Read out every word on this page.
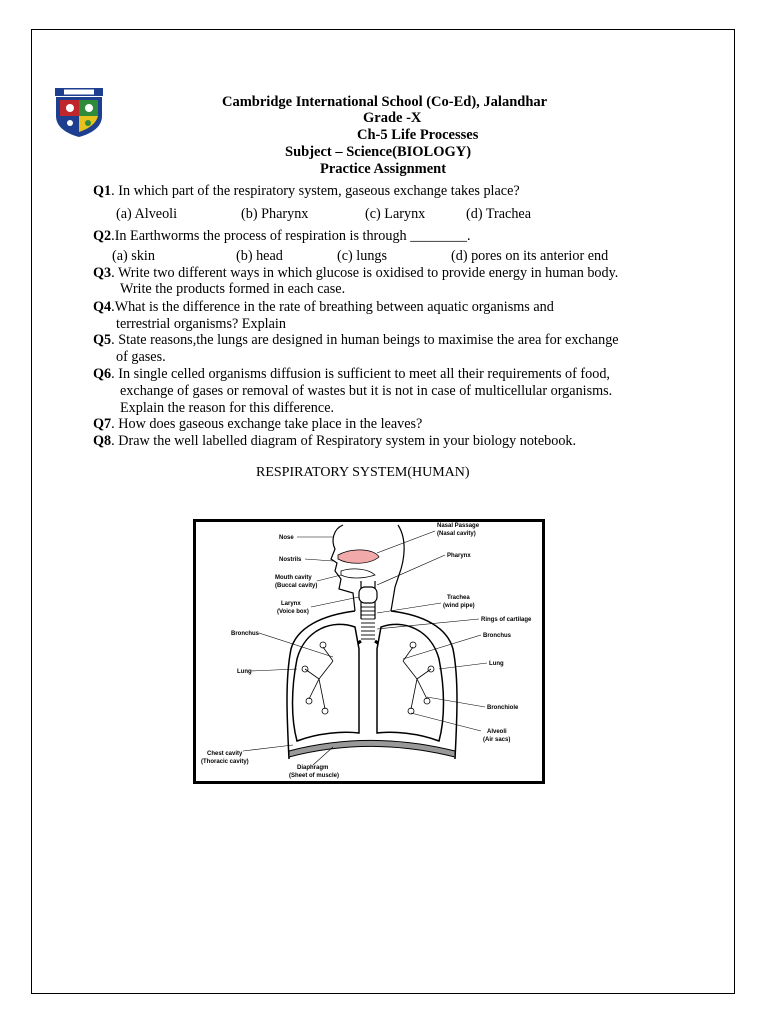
Cambridge International School (Co-Ed), Jalandhar
Grade -X
Ch-5 Life Processes
Subject – Science(BIOLOGY)
Practice Assignment
Q1. In which part of the respiratory system, gaseous exchange takes place?
(a) Alveoli	(b) Pharynx	(c) Larynx	(d) Trachea
Q2.In Earthworms the process of respiration is through ________.
(a) skin	(b) head	(c) lungs	(d) pores on its anterior end
Q3. Write two different ways in which glucose is oxidised to provide energy in human body.
Write the products formed in each case.
Q4.What is the difference in the rate of breathing between aquatic organisms and
terrestrial organisms? Explain
Q5. State reasons,the lungs are designed in human beings to maximise the area for exchange
of gases.
Q6. In single celled organisms diffusion is sufficient to meet all their requirements of food,
exchange of gases or removal of wastes but it is not in case of multicellular organisms.
Explain the reason for this difference.
Q7. How does gaseous exchange take place in the leaves?
Q8. Draw the well labelled diagram of Respiratory system in your biology notebook.
RESPIRATORY SYSTEM(HUMAN)
Nose
Nostrils
Mouth cavity
(Buccal cavity)
Larynx
(Voice box)
Bronchus
Lung
Chest cavity
(Thoracic cavity)
Diaphragm
(Sheet of muscle)
Nasal Passage
(Nasal cavity)
Pharynx
Trachea
(wind pipe)
Rings of cartilage
Bronchus
Lung
Bronchiole
Alveoli
(Air sacs)
